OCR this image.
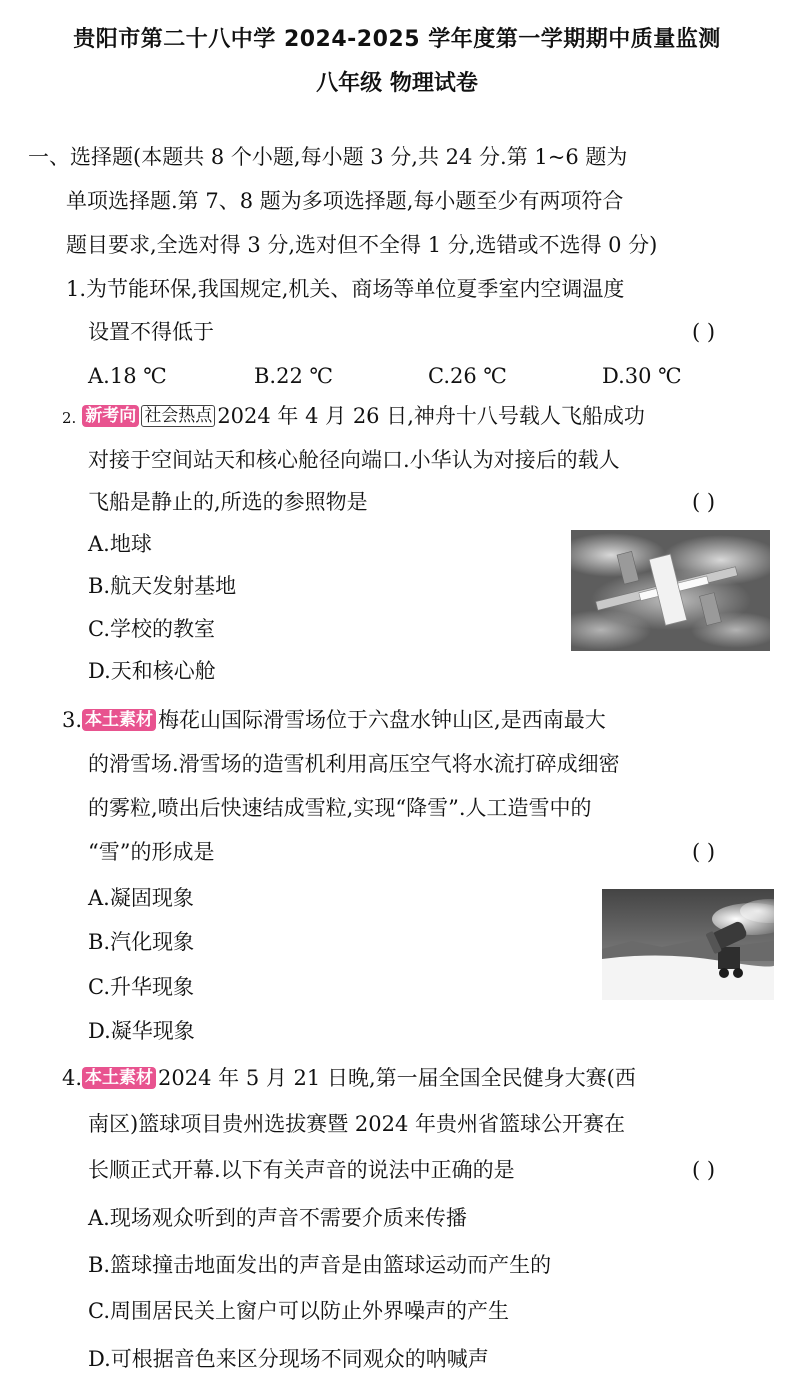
贵阳市第二十八中学 2024-2025 学年度第一学期期中质量监测
八年级 物理试卷
一、选择题(本题共 8 个小题,每小题 3 分,共 24 分.第 1~6 题为
单项选择题.第 7、8 题为多项选择题,每小题至少有两项符合
题目要求,全选对得 3 分,选对但不全得 1 分,选错或不选得 0 分)
1.为节能环保,我国规定,机关、商场等单位夏季室内空调温度
设置不得低于	( )
A.18 ℃	B.22 ℃	C.26 ℃	D.30 ℃
2. 新考向 社会热点 2024 年 4 月 26 日,神舟十八号载人飞船成功
对接于空间站天和核心舱径向端口.小华认为对接后的载人
飞船是静止的,所选的参照物是	( )
A.地球
B.航天发射基地
C.学校的教室
D.天和核心舱
3. 本土素材 梅花山国际滑雪场位于六盘水钟山区,是西南最大
的滑雪场.滑雪场的造雪机利用高压空气将水流打碎成细密
的雾粒,喷出后快速结成雪粒,实现“降雪”.人工造雪中的
“雪”的形成是	( )
A.凝固现象
B.汽化现象
C.升华现象
D.凝华现象
4. 本土素材 2024 年 5 月 21 日晚,第一届全国全民健身大赛(西
南区)篮球项目贵州选拔赛暨 2024 年贵州省篮球公开赛在
长顺正式开幕.以下有关声音的说法中正确的是	( )
A.现场观众听到的声音不需要介质来传播
B.篮球撞击地面发出的声音是由篮球运动而产生的
C.周围居民关上窗户可以防止外界噪声的产生
D.可根据音色来区分现场不同观众的呐喊声
